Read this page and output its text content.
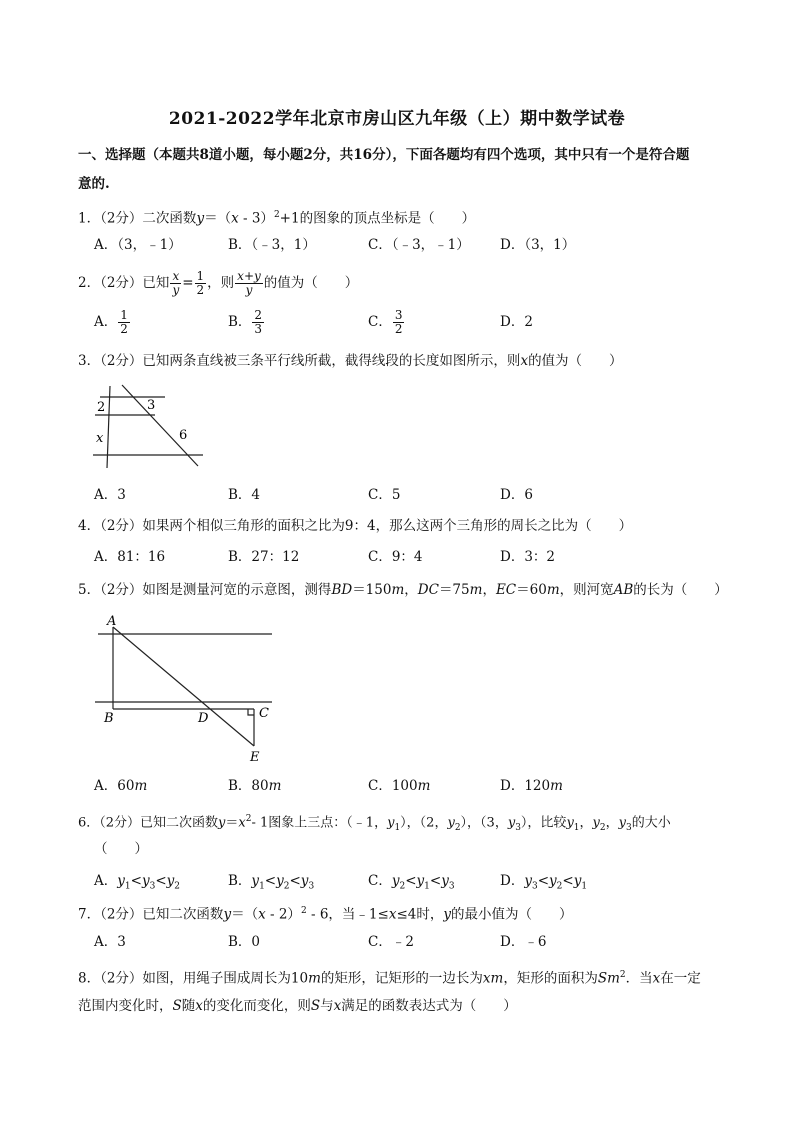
2021-2022学年北京市房山区九年级（上）期中数学试卷
一、选择题（本题共8道小题，每小题2分，共16分），下面各题均有四个选项，其中只有一个是符合题
意的.
1．（2分）二次函数y＝（x ‑ 3）$^2$+1的图象的顶点坐标是（　　）
A．（3，﹣1）	B．（﹣3，1）	C．（﹣3，﹣1） D．（3，1）
2．（2分）已知 $\frac{x}{y} = \frac{1}{2}$ ，则 $\frac{x+y}{y}$ 的值为（　　）
A． $\frac{1}{2}$	B． $\frac{2}{3}$	C． $\frac{3}{2}$	D．2
3．（2分）已知两条直线被三条平行线所截，截得线段的长度如图所示，则x的值为（　　）
2	3
x	6
A．3	B．4	C．5	D．6
4．（2分）如果两个相似三角形的面积之比为9：4，那么这两个三角形的周长之比为（　　）
A．81：16	B．27：12	C．9：4	D．3：2
5．（2分）如图是测量河宽的示意图，测得BD＝150m，DC＝75m，EC＝60m，则河宽AB的长为（　　）
A
B	D	C
E
A．60m	B．80m	C．100m	D．120m
6．（2分）已知二次函数$y=x^2‑$ 1图象上三点：（﹣1，$y_1$），（2，$y_2$），（3，$y_3$），比较$y_1$，$y_2$，$y_3$的大小
（　　）
A．$y_1<y_3<y_2$	B．$y_1<y_2<y_3$	C．$y_2<y_1<y_3$	D．$y_3<y_2<y_1$
7．（2分）已知二次函数y＝（x ‑ 2）$^2$ ‑ 6，当﹣1≤x≤4时，y的最小值为（　　）
A．3	B．0	C．﹣2	D．﹣6
8．（2分）如图，用绳子围成周长为10m的矩形，记矩形的一边长为xm，矩形的面积为Sm$^2$．当x在一定
范围内变化时，S随x的变化而变化，则S与x满足的函数表达式为（　　）
